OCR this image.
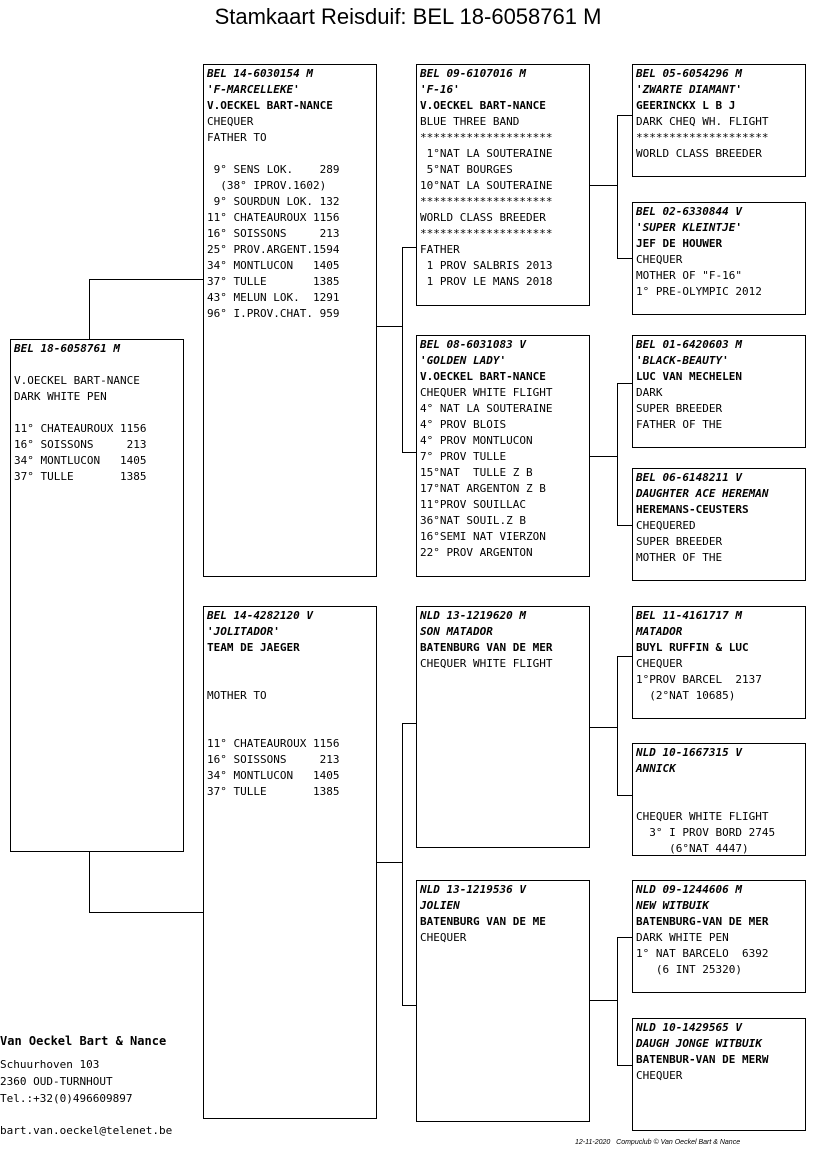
Stamkaart Reisduif: BEL 18-6058761 M
BEL 18-6058761 M

V.OECKEL BART-NANCE
DARK WHITE PEN

11° CHATEAUROUX 1156
16° SOISSONS     213
34° MONTLUCON   1405
37° TULLE       1385
BEL 14-6030154 M
'F-MARCELLEKE'
V.OECKEL BART-NANCE
CHEQUER
FATHER TO

9° SENS LOK.    289
(38° IPROV.1602)
9° SOURDUN LOK. 132
11° CHATEAUROUX 1156
16° SOISSONS     213
25° PROV.ARGENT.1594
34° MONTLUCON   1405
37° TULLE       1385
43° MELUN LOK.  1291
96° I.PROV.CHAT. 959
BEL 14-4282120 V
'JOLITADOR'
TEAM DE JAEGER

MOTHER TO

11° CHATEAUROUX 1156
16° SOISSONS     213
34° MONTLUCON   1405
37° TULLE       1385
BEL 09-6107016 M
'F-16'
V.OECKEL BART-NANCE
BLUE THREE BAND
********************
1°NAT LA SOUTERAINE
5°NAT BOURGES
10°NAT LA SOUTERAINE
********************
WORLD CLASS BREEDER
********************
FATHER
1 PROV SALBRIS 2013
1 PROV LE MANS 2018
BEL 08-6031083 V
'GOLDEN LADY'
V.OECKEL BART-NANCE
CHEQUER WHITE FLIGHT
4° NAT LA SOUTERAINE
4° PROV BLOIS
4° PROV MONTLUCON
7° PROV TULLE
15°NAT  TULLE Z B
17°NAT ARGENTON Z B
11°PROV SOUILLAC
36°NAT SOUIL.Z B
16°SEMI NAT VIERZON
22° PROV ARGENTON
NLD 13-1219620 M
SON MATADOR
BATENBURG VAN DE MER
CHEQUER WHITE FLIGHT
NLD 13-1219536 V
JOLIEN
BATENBURG VAN DE ME
CHEQUER
BEL 05-6054296 M
'ZWARTE DIAMANT'
GEERINCKX L B J
DARK CHEQ WH. FLIGHT
********************
WORLD CLASS BREEDER
BEL 02-6330844 V
'SUPER KLEINTJE'
JEF DE HOUWER
CHEQUER
MOTHER OF "F-16"
1° PRE-OLYMPIC 2012
BEL 01-6420603 M
'BLACK-BEAUTY'
LUC VAN MECHELEN
DARK
SUPER BREEDER
FATHER OF THE
BEL 06-6148211 V
DAUGHTER ACE HEREMAN
HEREMANS-CEUSTERS
CHEQUERED
SUPER BREEDER
MOTHER OF THE
BEL 11-4161717 M
MATADOR
BUYL RUFFIN & LUC
CHEQUER
1°PROV BARCEL  2137
(2°NAT 10685)
NLD 10-1667315 V
ANNICK

CHEQUER WHITE FLIGHT
3° I PROV BORD 2745
(6°NAT 4447)
NLD 09-1244606 M
NEW WITBUIK
BATENBURG-VAN DE MER
DARK WHITE PEN
1° NAT BARCELO  6392
(6 INT 25320)
NLD 10-1429565 V
DAUGH JONGE WITBUIK
BATENBUR-VAN DE MERW
CHEQUER
Van Oeckel Bart & Nance
Schuurhoven 103
2360 OUD-TURNHOUT
Tel.:+32(0)496609897
bart.van.oeckel@telenet.be
12-11-2020 Compuclub © Van Oeckel Bart & Nance
